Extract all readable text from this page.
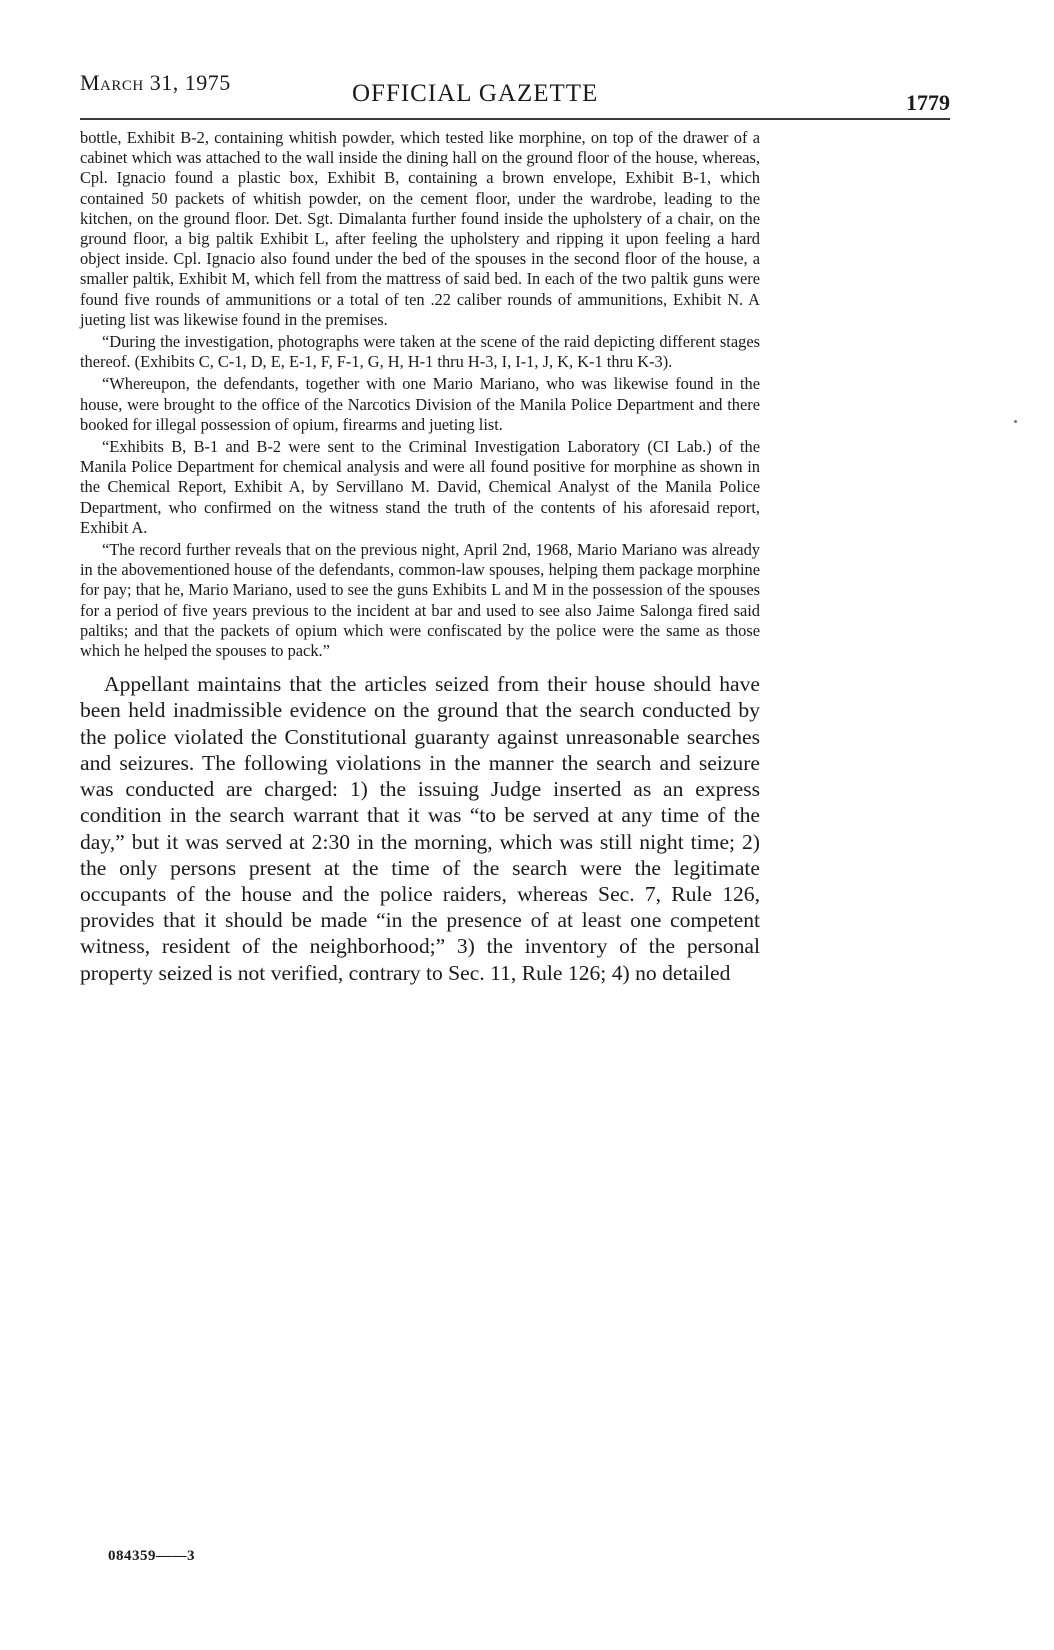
March 31, 1975	OFFICIAL GAZETTE	1779

bottle, Exhibit B-2, containing whitish powder, which tested like morphine, on top of the drawer of a cabinet which was attached to the wall inside the dining hall on the ground floor of the house, whereas, Cpl. Ignacio found a plastic box, Exhibit B, containing a brown envelope, Exhibit B-1, which contained 50 packets of whitish powder, on the cement floor, under the wardrobe, leading to the kitchen, on the ground floor. Det. Sgt. Dimalanta further found inside the upholstery of a chair, on the ground floor, a big paltik Exhibit L, after feeling the upholstery and ripping it upon feeling a hard object inside. Cpl. Ignacio also found under the bed of the spouses in the second floor of the house, a smaller paltik, Exhibit M, which fell from the mattress of said bed. In each of the two paltik guns were found five rounds of ammunitions or a total of ten .22 caliber rounds of ammunitions, Exhibit N. A jueting list was likewise found in the premises.

“During the investigation, photographs were taken at the scene of the raid depicting different stages thereof. (Exhibits C, C-1, D, E, E-1, F, F-1, G, H, H-1 thru H-3, I, I-1, J, K, K-1 thru K-3).

“Whereupon, the defendants, together with one Mario Mariano, who was likewise found in the house, were brought to the office of the Narcotics Division of the Manila Police Department and there booked for illegal possession of opium, firearms and jueting list.

“Exhibits B, B-1 and B-2 were sent to the Criminal Investigation Laboratory (CI Lab.) of the Manila Police Department for chemical analysis and were all found positive for morphine as shown in the Chemical Report, Exhibit A, by Servillano M. David, Chemical Analyst of the Manila Police Department, who confirmed on the witness stand the truth of the contents of his aforesaid report, Exhibit A.

“The record further reveals that on the previous night, April 2nd, 1968, Mario Mariano was already in the abovementioned house of the defendants, common-law spouses, helping them package morphine for pay; that he, Mario Mariano, used to see the guns Exhibits L and M in the possession of the spouses for a period of five years previous to the incident at bar and used to see also Jaime Salonga fired said paltiks; and that the packets of opium which were confiscated by the police were the same as those which he helped the spouses to pack.”

Appellant maintains that the articles seized from their house should have been held inadmissible evidence on the ground that the search conducted by the police violated the Constitutional guaranty against unreasonable searches and seizures. The following violations in the manner the search and seizure was conducted are charged: 1) the issuing Judge inserted as an express condition in the search warrant that it was “to be served at any time of the day,” but it was served at 2:30 in the morning, which was still night time; 2) the only persons present at the time of the search were the legitimate occupants of the house and the police raiders, whereas Sec. 7, Rule 126, provides that it should be made “in the presence of at least one competent witness, resident of the neighborhood;” 3) the inventory of the personal property seized is not verified, contrary to Sec. 11, Rule 126; 4) no detailed

084359——3
